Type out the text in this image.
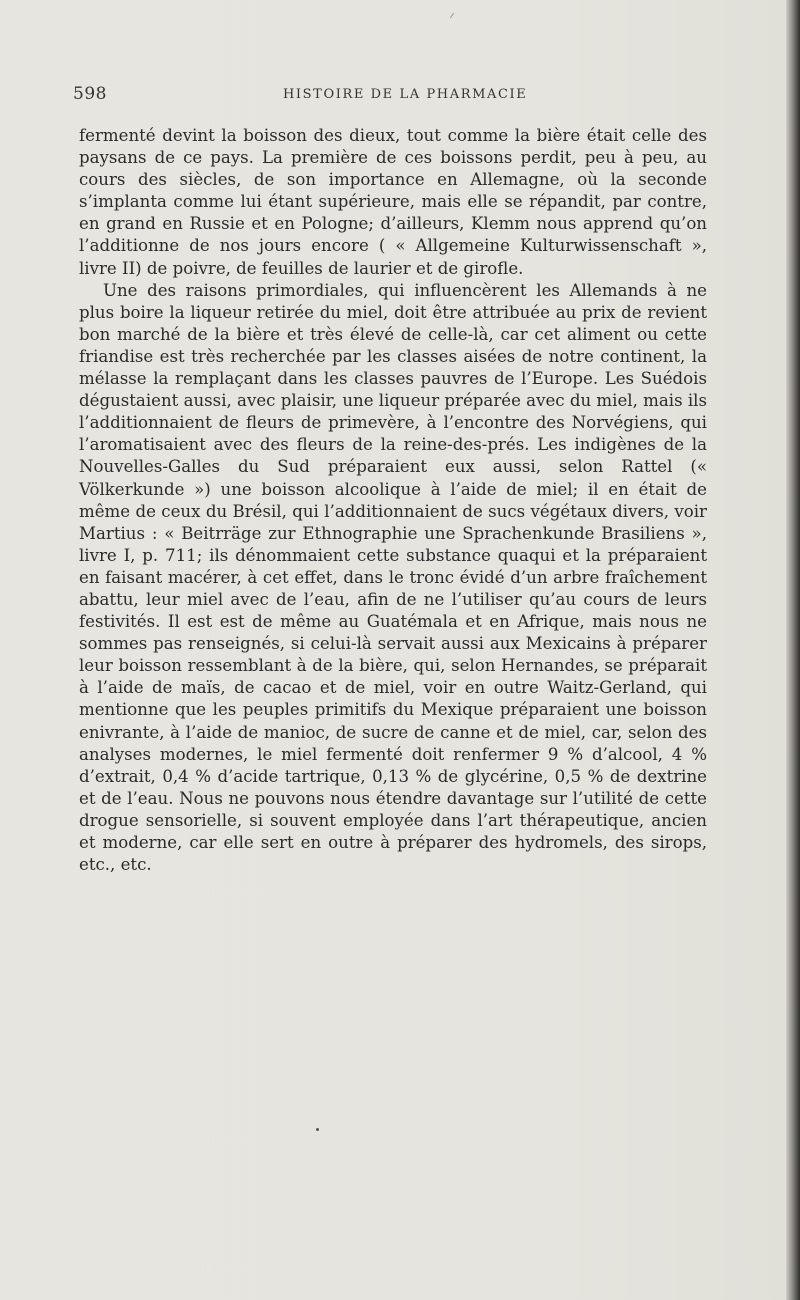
598	HISTOIRE DE LA PHARMACIE

fermenté devint la boisson des dieux, tout comme la bière était celle des paysans de ce pays. La première de ces boissons perdit, peu à peu, au cours des siècles, de son importance en Allemagne, où la seconde s’implanta comme lui étant supérieure, mais elle se répandit, par contre, en grand en Russie et en Pologne; d’ailleurs, Klemm nous apprend qu’on l’additionne de nos jours encore ( « Allgemeine Kulturwissenschaft », livre II) de poivre, de feuilles de laurier et de girofle.

Une des raisons primordiales, qui influencèrent les Allemands à ne plus boire la liqueur retirée du miel, doit être attribuée au prix de revient bon marché de la bière et très élevé de celle-là, car cet aliment ou cette friandise est très recherchée par les classes aisées de notre continent, la mélasse la remplaçant dans les classes pauvres de l’Europe. Les Suédois dégustaient aussi, avec plaisir, une liqueur préparée avec du miel, mais ils l’additionnaient de fleurs de primevère, à l’encontre des Norvégiens, qui l’aromatisaient avec des fleurs de la reine-des-prés. Les indigènes de la Nouvelles-Galles du Sud préparaient eux aussi, selon Rattel (« Völkerkunde ») une boisson alcoolique à l’aide de miel; il en était de même de ceux du Brésil, qui l’additionnaient de sucs végétaux divers, voir Martius : « Beitrräge zur Ethnographie une Sprachenkunde Brasiliens », livre I, p. 711; ils dénommaient cette substance quaqui et la préparaient en faisant macérer, à cet effet, dans le tronc évidé d’un arbre fraîchement abattu, leur miel avec de l’eau, afin de ne l’utiliser qu’au cours de leurs festivités. Il est est de même au Guatémala et en Afrique, mais nous ne sommes pas renseignés, si celui-là servait aussi aux Mexicains à préparer leur boisson ressemblant à de la bière, qui, selon Hernandes, se préparait à l’aide de maïs, de cacao et de miel, voir en outre Waitz-Gerland, qui mentionne que les peuples primitifs du Mexique préparaient une boisson enivrante, à l’aide de manioc, de sucre de canne et de miel, car, selon des analyses modernes, le miel fermenté doit renfermer 9 % d’alcool, 4 % d’extrait, 0,4 % d’acide tartrique, 0,13 % de glycérine, 0,5 % de dextrine et de l’eau. Nous ne pouvons nous étendre davantage sur l’utilité de cette drogue sensorielle, si souvent employée dans l’art thérapeutique, ancien et moderne, car elle sert en outre à préparer des hydromels, des sirops, etc., etc.
